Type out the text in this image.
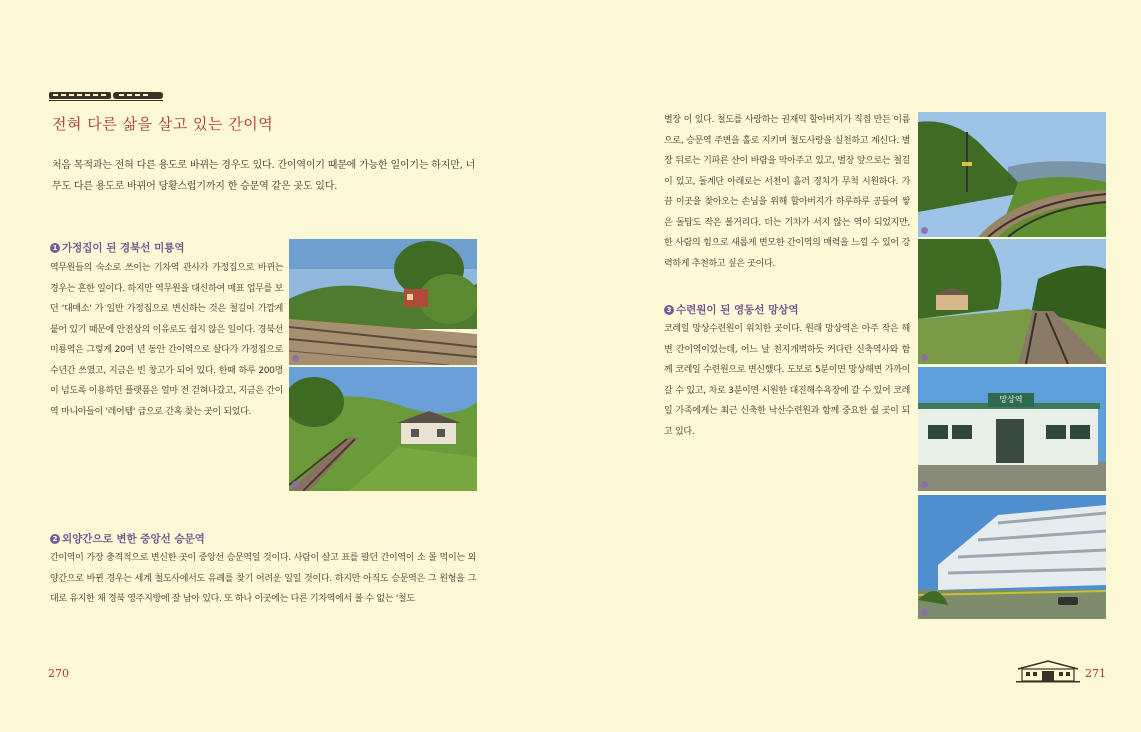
전혀 다른 삶을 살고 있는 간이역
처음 목적과는 전혀 다른 용도로 바뀌는 경우도 있다. 간이역이기 때문에 가능한 일이기는 하지만, 너무도 다른 용도로 바뀌어 당황스럽기까지 한 승문역 같은 곳도 있다.
1 가정집이 된 경북선 미룡역
역무원들의 숙소로 쓰이는 기차역 관사가 가정집으로 바뀌는 경우는 흔한 일이다. 하지만 역무원을 대신하여 매표 업무를 보던 '대매소' 가 일반 가정집으로 변신하는 것은 철길이 가깝게 붙어 있기 때문에 안전상의 이유로도 쉽지 않은 일이다. 경북선 미룡역은 그렇게 20여 년 동안 간이역으로 살다가 가정집으로 수년간 쓰였고, 지금은 빈 창고가 되어 있다. 한때 하루 200명이 넘도록 이용하던 플랫폼은 얼마 전 걷혀나갔고, 지금은 간이역 마니아들이 '레어템' 급으로 간혹 찾는 곳이 되었다.
2 외양간으로 변한 중앙선 승문역
간이역이 가장 충격적으로 변신한 곳이 중앙선 승문역일 것이다. 사람이 살고 표를 팔던 간이역이 소 몰 먹이는 외양간으로 바뀐 경우는 세계 철도사에서도 유례를 찾기 어려운 일일 것이다. 하지만 아직도 승문역은 그 원형을 그대로 유지한 채 경북 영주지방에 잘 남아 있다. 또 하나 이곳에는 다른 기차역에서 볼 수 없는 '철도
270
별장 이 있다. 철도를 사랑하는 권재익 할아버지가 직접 만든 이름으로, 승문역 주변을 홀로 지키며 철도사랑을 실천하고 계신다. 별장 뒤로는 기파른 산이 바람을 막아주고 있고, 별장 앞으로는 철길이 있고, 돌계단 아래로는 서천이 흘러 경치가 무척 시원하다. 가끔 이곳을 찾아오는 손님을 위해 할아버지가 하루하루 공들여 쌓은 돌탑도 작은 볼거리다. 더는 기차가 서지 않는 역이 되었지만, 한 사람의 힘으로 새롭게 변모한 간이역의 매력을 느낄 수 있어 강력하게 추천하고 싶은 곳이다.
3 수련원이 된 영동선 망상역
코레일 망상수련원이 위치한 곳이다. 원래 망상역은 아주 작은 해변 간이역이었는데, 어느 날 천지개벽하듯 커다란 신축역사와 함께 코레일 수련원으로 변신했다. 도보로 5분이면 망상해변 가까이 갈 수 있고, 차로 3분이면 시원한 대진해수욕장에 갈 수 있어 코레일 가족에게는 최근 신축한 낙산수련원과 함께 중요한 쉴 곳이 되고 있다.
망상역
271
